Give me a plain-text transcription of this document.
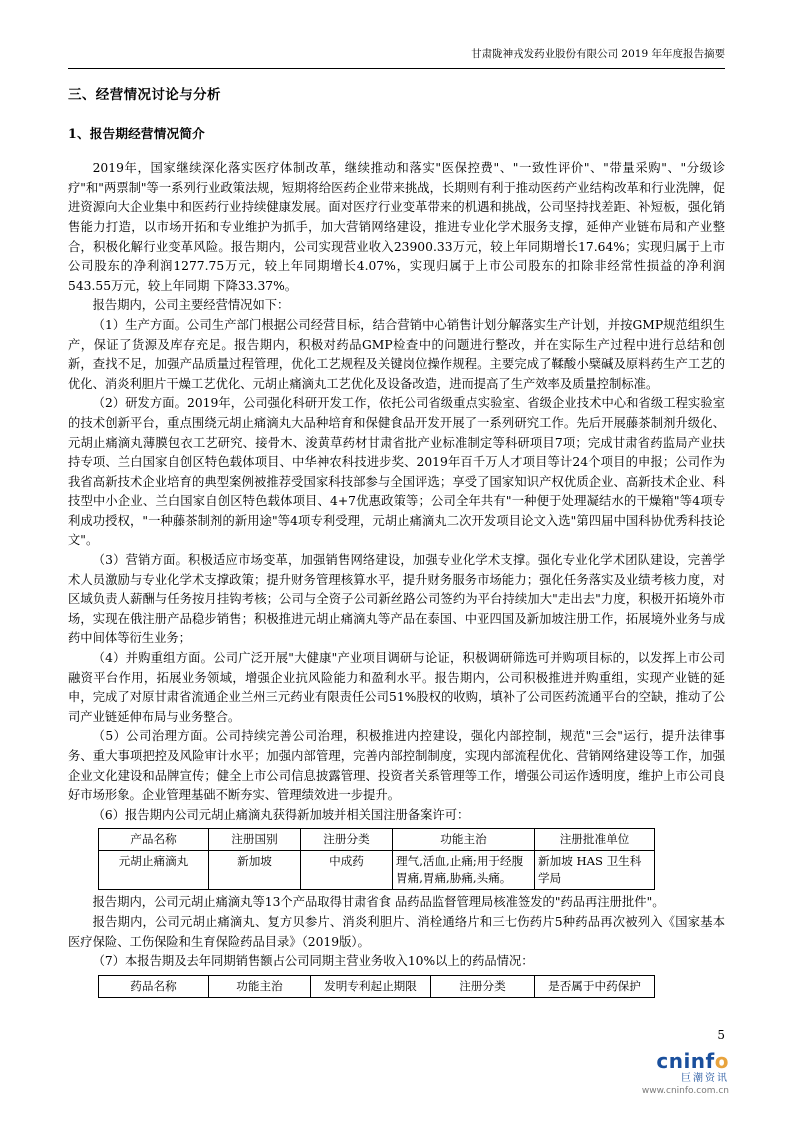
甘肃陇神戎发药业股份有限公司 2019 年年度报告摘要
三、经营情况讨论与分析
1、报告期经营情况简介

2019年，国家继续深化落实医疗体制改革，继续推动和落实"医保控费"、"一致性评价"、"带量采购"、"分级诊疗"和"两票制"等一系列行业政策法规，短期将给医药企业带来挑战，长期则有利于推动医药产业结构改革和行业洗牌，促进资源向大企业集中和医药行业持续健康发展。面对医疗行业变革带来的机遇和挑战，公司坚持找差距、补短板，强化销售能力打造，以市场开拓和专业维护为抓手，加大营销网络建设，推进专业化学术服务支撑，延伸产业链布局和产业整合，积极化解行业变革风险。报告期内，公司实现营业收入23900.33万元，较上年同期增长17.64%；实现归属于上市公司股东的净利润1277.75万元，较上年同期增长4.07%，实现归属于上市公司股东的扣除非经常性损益的净利润543.55万元，较上年同期 下降33.37%。

报告期内，公司主要经营情况如下：

（1）生产方面。公司生产部门根据公司经营目标，结合营销中心销售计划分解落实生产计划，并按GMP规范组织生产，保证了货源及库存充足。报告期内，积极对药品GMP检查中的问题进行整改，并在实际生产过程中进行总结和创新，查找不足，加强产品质量过程管理，优化工艺规程及关键岗位操作规程。主要完成了鞣酸小檗碱及原料药生产工艺的优化、消炎利胆片干燥工艺优化、元胡止痛滴丸工艺优化及设备改造，进而提高了生产效率及质量控制标准。

（2）研发方面。2019年，公司强化科研开发工作，依托公司省级重点实验室、省级企业技术中心和省级工程实验室的技术创新平台，重点围绕元胡止痛滴丸大品种培育和保健食品开发开展了一系列研究工作。先后开展藤茶制剂升级化、元胡止痛滴丸薄膜包衣工艺研究、接骨木、浚黄草药材甘肃省批产业标准制定等科研项目7项；完成甘肃省药监局产业扶持专项、兰白国家自创区特色载体项目、中华神农科技进步奖、2019年百千万人才项目等计24个项目的申报；公司作为我省高新技术企业培育的典型案例被推荐受国家科技部参与全国评选；享受了国家知识产权优质企业、高新技术企业、科技型中小企业、兰白国家自创区特色载体项目、4+7优惠政策等；公司全年共有"一种便于处理凝结水的干燥箱"等4项专利成功授权，"一种藤茶制剂的新用途"等4项专利受理，元胡止痛滴丸二次开发项目论文入选"第四届中国科协优秀科技论文"。

（3）营销方面。积极适应市场变革，加强销售网络建设，加强专业化学术支撑。强化专业化学术团队建设，完善学术人员激励与专业化学术支撑政策；提升财务管理核算水平，提升财务服务市场能力；强化任务落实及业绩考核力度，对区域负责人薪酬与任务按月挂钩考核；公司与全资子公司新丝路公司签约为平台持续加大"走出去"力度，积极开拓境外市场，实现在俄注册产品稳步销售；积极推进元胡止痛滴丸等产品在泰国、中亚四国及新加坡注册工作，拓展境外业务与成药中间体等衍生业务；

（4）并购重组方面。公司广泛开展"大健康"产业项目调研与论证，积极调研筛选可并购项目标的，以发挥上市公司融资平台作用，拓展业务领域，增强企业抗风险能力和盈利水平。报告期内，公司积极推进并购重组，实现产业链的延申，完成了对原甘肃省流通企业兰州三元药业有限责任公司51%股权的收购，填补了公司医药流通平台的空缺，推动了公司产业链延伸布局与业务整合。

（5）公司治理方面。公司持续完善公司治理，积极推进内控建设，强化内部控制，规范"三会"运行，提升法律事务、重大事项把控及风险审计水平；加强内部管理，完善内部控制制度，实现内部流程优化、营销网络建设等工作，加强企业文化建设和品牌宣传；健全上市公司信息披露管理、投资者关系管理等工作，增强公司运作透明度，维护上市公司良好市场形象。企业管理基础不断夯实、管理绩效进一步提升。

（6）报告期内公司元胡止痛滴丸获得新加坡并相关国注册备案许可：

产品名称	注册国别	注册分类	功能主治	注册批准单位
元胡止痛滴丸	新加坡	中成药	理气,活血,止痛;用于经腹胃痛,胃痛,胁痛,头痛。	新加坡 HAS 卫生科学局

报告期内，公司元胡止痛滴丸等13个产品取得甘肃省食 品药品监督管理局核准签发的"药品再注册批件"。

报告期内，公司元胡止痛滴丸、复方贝参片、消炎利胆片、消栓通络片和三七伤药片5种药品再次被列入《国家基本医疗保险、工伤保险和生育保险药品目录》（2019版）。

（7）本报告期及去年同期销售额占公司同期主营业务收入10%以上的药品情况：

药品名称	功能主治	发明专利起止期限	注册分类	是否属于中药保护
5
cninfo
巨潮资讯
www.cninfo.com.cn
